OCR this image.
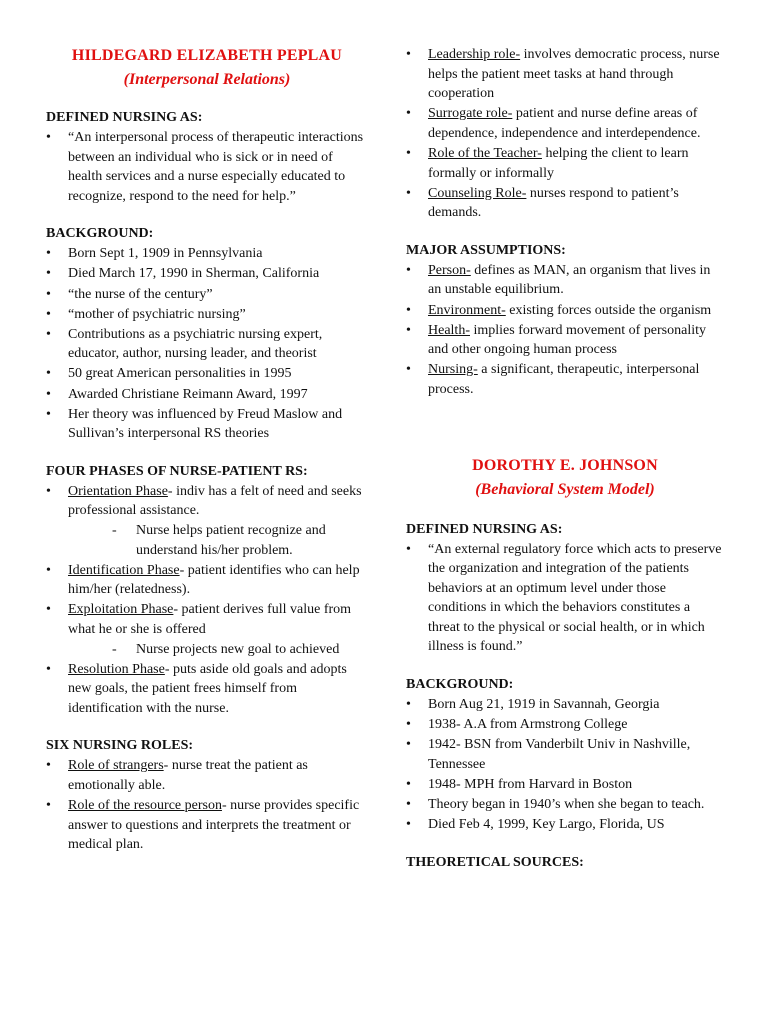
HILDEGARD ELIZABETH PEPLAU
(Interpersonal Relations)
DEFINED NURSING AS:
• “An interpersonal process of therapeutic interactions between an individual who is sick or in need of health services and a nurse especially educated to recognize, respond to the need for help.”
BACKGROUND:
• Born Sept 1, 1909 in Pennsylvania
• Died March 17, 1990 in Sherman, California
• “the nurse of the century”
• “mother of psychiatric nursing”
• Contributions as a psychiatric nursing expert, educator, author, nursing leader, and theorist
• 50 great American personalities in 1995
• Awarded Christiane Reimann Award, 1997
• Her theory was influenced by Freud Maslow and Sullivan’s interpersonal RS theories
FOUR PHASES OF NURSE-PATIENT RS:
• Orientation Phase- indiv has a felt of need and seeks professional assistance.
- Nurse helps patient recognize and understand his/her problem.
• Identification Phase- patient identifies who can help him/her (relatedness).
• Exploitation Phase- patient derives full value from what he or she is offered
- Nurse projects new goal to achieved
• Resolution Phase- puts aside old goals and adopts new goals, the patient frees himself from identification with the nurse.
SIX NURSING ROLES:
• Role of strangers- nurse treat the patient as emotionally able.
• Role of the resource person- nurse provides specific answer to questions and interprets the treatment or medical plan.
• Leadership role- involves democratic process, nurse helps the patient meet tasks at hand through cooperation
• Surrogate role- patient and nurse define areas of dependence, independence and interdependence.
• Role of the Teacher- helping the client to learn formally or informally
• Counseling Role- nurses respond to patient’s demands.
MAJOR ASSUMPTIONS:
• Person- defines as MAN, an organism that lives in an unstable equilibrium.
• Environment- existing forces outside the organism
• Health- implies forward movement of personality and other ongoing human process
• Nursing- a significant, therapeutic, interpersonal process.
DOROTHY E. JOHNSON
(Behavioral System Model)
DEFINED NURSING AS:
• “An external regulatory force which acts to preserve the organization and integration of the patients behaviors at an optimum level under those conditions in which the behaviors constitutes a threat to the physical or social health, or in which illness is found.”
BACKGROUND:
• Born Aug 21, 1919 in Savannah, Georgia
• 1938- A.A from Armstrong College
• 1942- BSN from Vanderbilt Univ in Nashville, Tennessee
• 1948- MPH from Harvard in Boston
• Theory began in 1940’s when she began to teach.
• Died Feb 4, 1999, Key Largo, Florida, US
THEORETICAL SOURCES:
